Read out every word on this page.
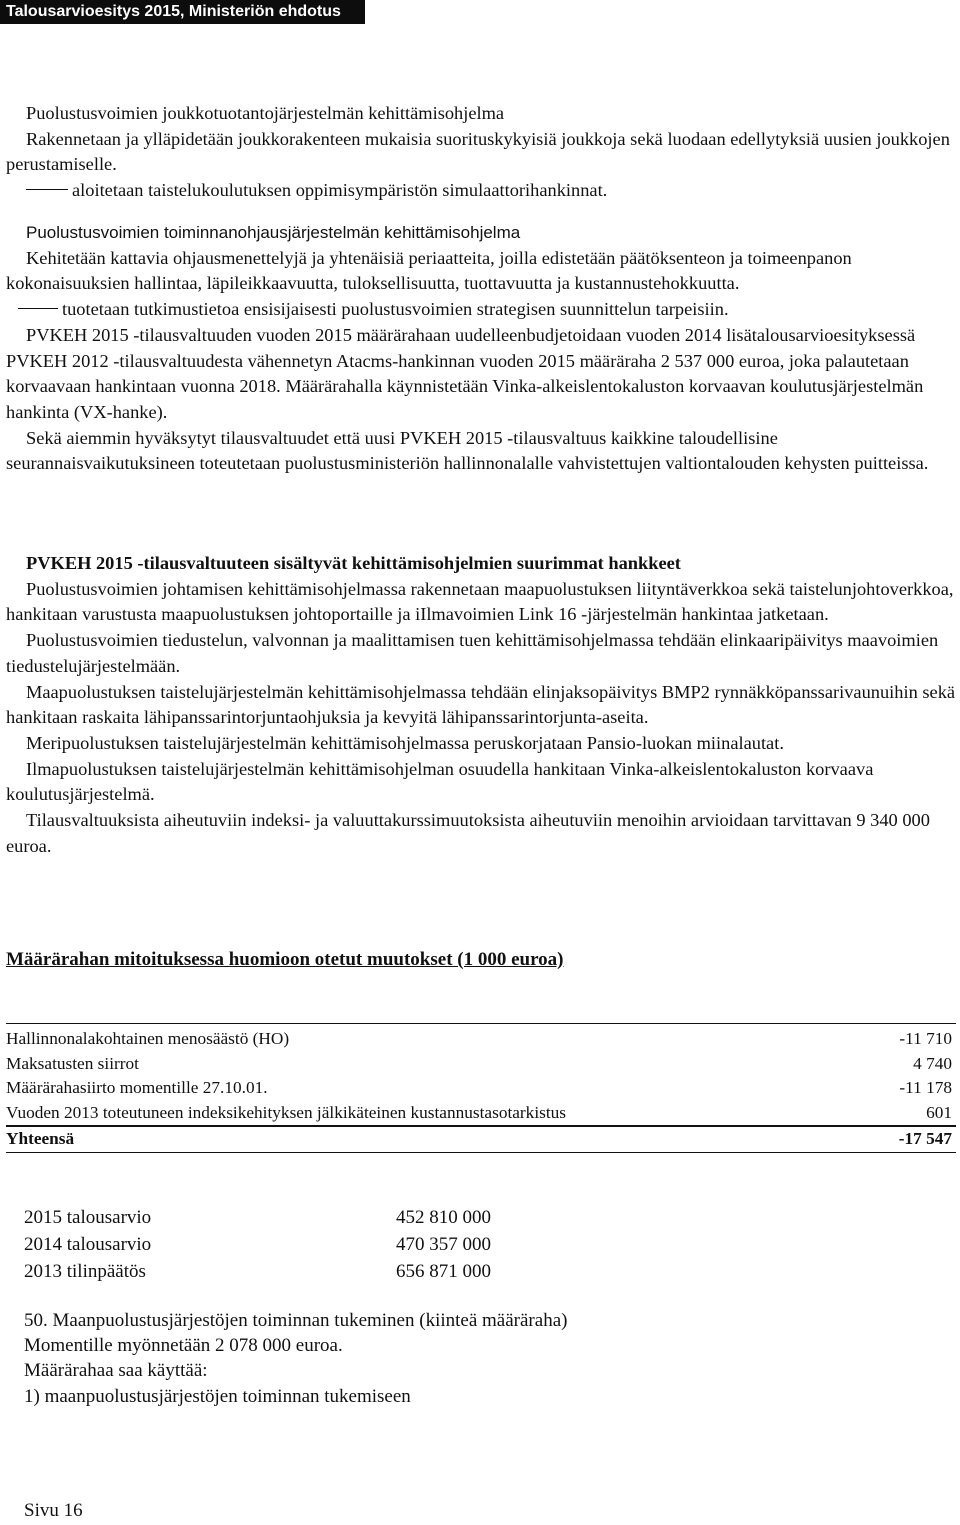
Talousarvioesitys 2015, Ministeriön ehdotus

Puolustusvoimien joukkotuotantojärjestelmän kehittämisohjelma

Rakennetaan ja ylläpidetään joukkorakenteen mukaisia suorituskykyisiä joukkoja sekä luodaan edellytyksiä uusien joukkojen perustamiselle.

aloitetaan taistelukoulutuksen oppimisympäristön simulaattorihankinnat.

Puolustusvoimien toiminnanohjausjärjestelmän kehittämisohjelma

Kehitetään kattavia ohjausmenettelyjä ja yhtenäisiä periaatteita, joilla edistetään päätöksenteon ja toimeenpanon kokonaisuuksien hallintaa, läpileikkaavuutta, tuloksellisuutta, tuottavuutta ja kustannustehokkuutta.

tuotetaan tutkimustietoa ensisijaisesti puolustusvoimien strategisen suunnittelun tarpeisiin.

PVKEH 2015 -tilausvaltuuden vuoden 2015 määrärahaan uudelleenbudjetoidaan vuoden 2014 lisätalousarvioesityksessä PVKEH 2012 -tilausvaltuudesta vähennetyn Atacms-hankinnan vuoden 2015 määräraha 2 537 000 euroa, joka palautetaan korvaavaan hankintaan vuonna 2018. Määrärahalla käynnistetään Vinka-alkeislentokaluston korvaavan koulutusjärjestelmän hankinta (VX-hanke).

Sekä aiemmin hyväksytyt tilausvaltuudet että uusi PVKEH 2015 -tilausvaltuus kaikkine taloudellisine seurannaisvaikutuksineen toteutetaan puolustusministeriön hallinnonalalle vahvistettujen valtiontalouden kehysten puitteissa.

PVKEH 2015 -tilausvaltuuteen sisältyvät kehittämisohjelmien suurimmat hankkeet

Puolustusvoimien johtamisen kehittämisohjelmassa rakennetaan maapuolustuksen liityntäverkkoa sekä taistelunjohtoverkkoa, hankitaan varustusta maapuolustuksen johtoportaille ja iIlmavoimien Link 16 -järjestelmän hankintaa jatketaan.

Puolustusvoimien tiedustelun, valvonnan ja maalittamisen tuen kehittämisohjelmassa tehdään elinkaaripäivitys maavoimien tiedustelujärjestelmään.

Maapuolustuksen taistelujärjestelmän kehittämisohjelmassa tehdään elinjaksopäivitys BMP2 rynnäkköpanssarivaunuihin sekä hankitaan raskaita lähipanssarintorjuntaohjuksia ja kevyitä lähipanssarintorjunta-aseita.

Meripuolustuksen taistelujärjestelmän kehittämisohjelmassa peruskorjataan Pansio-luokan miinalautat.

Ilmapuolustuksen taistelujärjestelmän kehittämisohjelman osuudella hankitaan Vinka-alkeislentokaluston korvaava koulutusjärjestelmä.

Tilausvaltuuksista aiheutuviin indeksi- ja valuuttakurssimuutoksista aiheutuviin menoihin arvioidaan tarvittavan 9 340 000 euroa.

Määrärahan mitoituksessa huomioon otetut muutokset (1 000 euroa)
Hallinnonalakohtainen menosäästö (HO)	-11 710
Maksatusten siirrot	4 740
Määrärahasiirto momentille 27.10.01.	-11 178
Vuoden 2013 toteutuneen indeksikehityksen jälkikäteinen kustannustasotarkistus	601
Yhteensä	-17 547
2015 talousarvio	452 810 000
2014 talousarvio	470 357 000
2013 tilinpäätös	656 871 000
50. Maanpuolustusjärjestöjen toiminnan tukeminen (kiinteä määräraha)
Momentille myönnetään 2 078 000 euroa.
Määrärahaa saa käyttää:
1) maanpuolustusjärjestöjen toiminnan tukemiseen
Sivu 16
